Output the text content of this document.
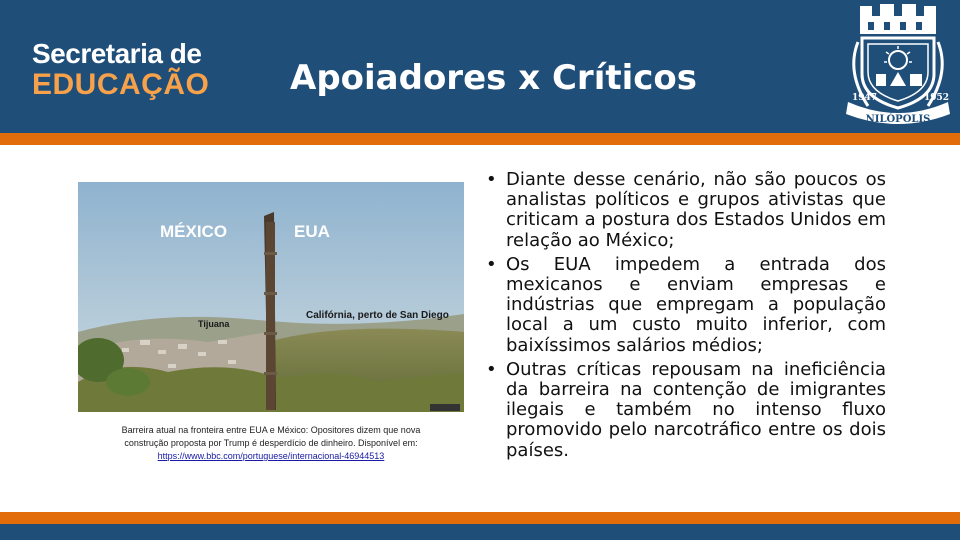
Secretaria de
EDUCAÇÃO Apoiadores x Críticos	1947	1952
NILÓPOLIS
MÉXICO	EUA
Califórnia, perto de San Diego
Tijuana
Barreira atual na fronteira entre EUA e México: Opositores dizem que nova
construção proposta por Trump é desperdício de dinheiro. Disponível em:
https://www.bbc.com/portuguese/internacional-46944513
• Diante desse cenário, não são poucos os analistas políticos e grupos ativistas que criticam a postura dos Estados Unidos em relação ao México;
• Os EUA impedem a entrada dos mexicanos e enviam empresas e indústrias que empregam a população local a um custo muito inferior, com baixíssimos salários médios;
• Outras críticas repousam na ineficiência da barreira na contenção de imigrantes ilegais e também no intenso fluxo promovido pelo narcotráfico entre os dois países.
